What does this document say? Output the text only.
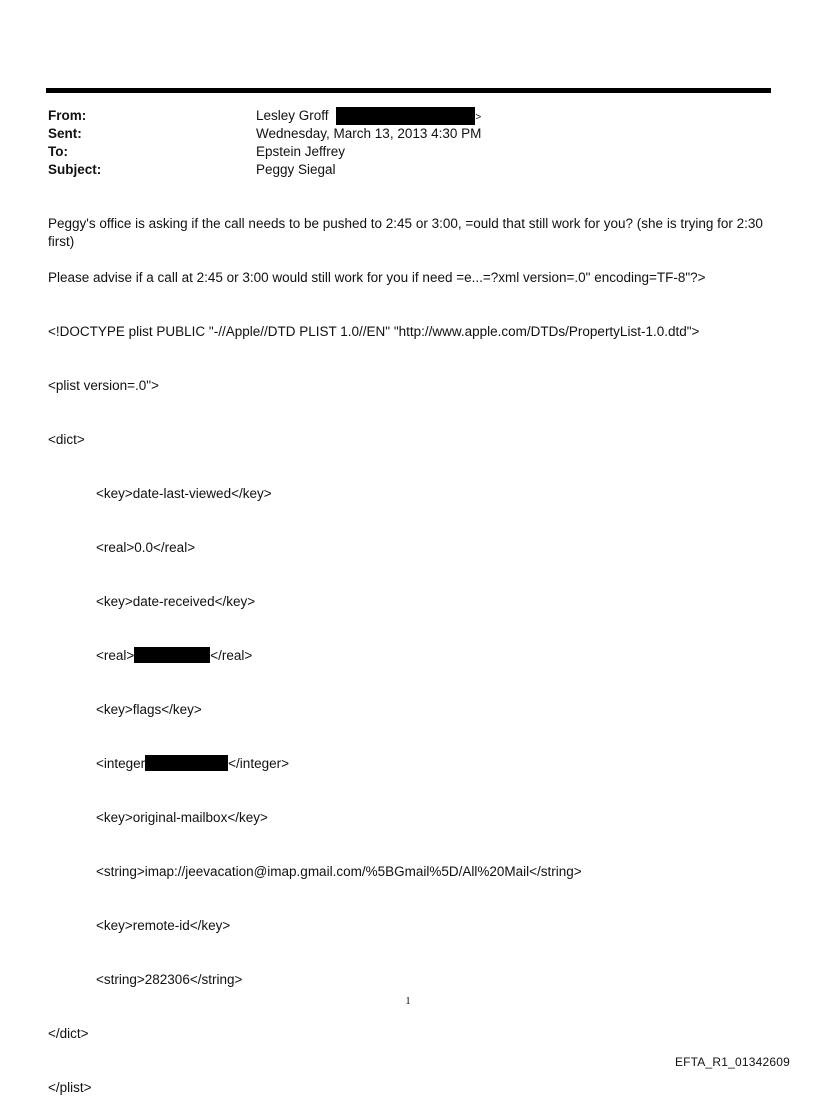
From:	Lesley Groff	>
Sent:	Wednesday, March 13, 2013 4:30 PM
To:	Epstein Jeffrey
Subject:	Peggy Siegal
Peggy's office is asking if the call needs to be pushed to 2:45 or 3:00, =ould that still work for you? (she is trying for 2:30 first)
Please advise if a call at 2:45 or 3:00 would still work for you if need =e...=?xml version=.0" encoding=TF-8"?>

<!DOCTYPE plist PUBLIC "-//Apple//DTD PLIST 1.0//EN" "http://www.apple.com/DTDs/PropertyList-1.0.dtd">

<plist version=.0">

<dict>

<key>date-last-viewed</key>

<real>0.0</real>

<key>date-received</key>

<real>	</real>

<key>flags</key>

<integer	</integer>

<key>original-mailbox</key>

<string>imap://jeevacation@imap.gmail.com/%5BGmail%5D/All%20Mail</string>

<key>remote-id</key>

<string>282306</string>

</dict>

</plist>

1
EFTA_R1_01342609
